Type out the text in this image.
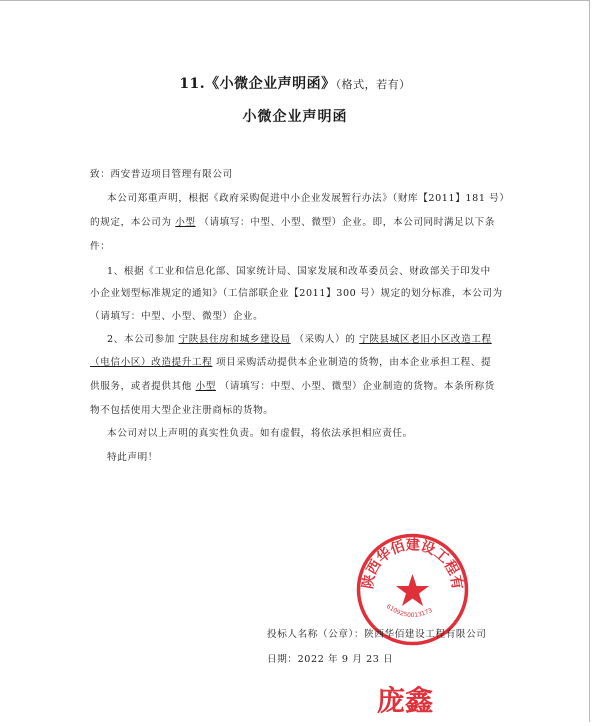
11.《小微企业声明函》（格式，若有）
小微企业声明函
致：西安普迈项目管理有限公司
本公司郑重声明，根据《政府采购促进中小企业发展暂行办法》（财库【2011】181 号）
的规定，本公司为 小型 （请填写：中型、小型、微型）企业。即，本公司同时满足以下条
件：
1、根据《工业和信息化部、国家统计局、国家发展和改革委员会、财政部关于印发中
小企业划型标准规定的通知》（工信部联企业【2011】300 号）规定的划分标准，本公司为
（请填写：中型、小型、微型）企业。
2、本公司参加 宁陕县住房和城乡建设局 （采购人）的 宁陕县城区老旧小区改造工程
（电信小区）改造提升工程 项目采购活动提供本企业制造的货物，由本企业承担工程、提
供服务，或者提供其他 小型 （请填写：中型、小型、微型）企业制造的货物。本条所称货
物不包括使用大型企业注册商标的货物。
本公司对以上声明的真实性负责。如有虚假，将依法承担相应责任。
特此声明！
陕西华佰建设工程有
6109250013173
投标人名称（公章）：陕西华佰建设工程有限公司
日期：2022 年 9 月 23 日
庞鑫
